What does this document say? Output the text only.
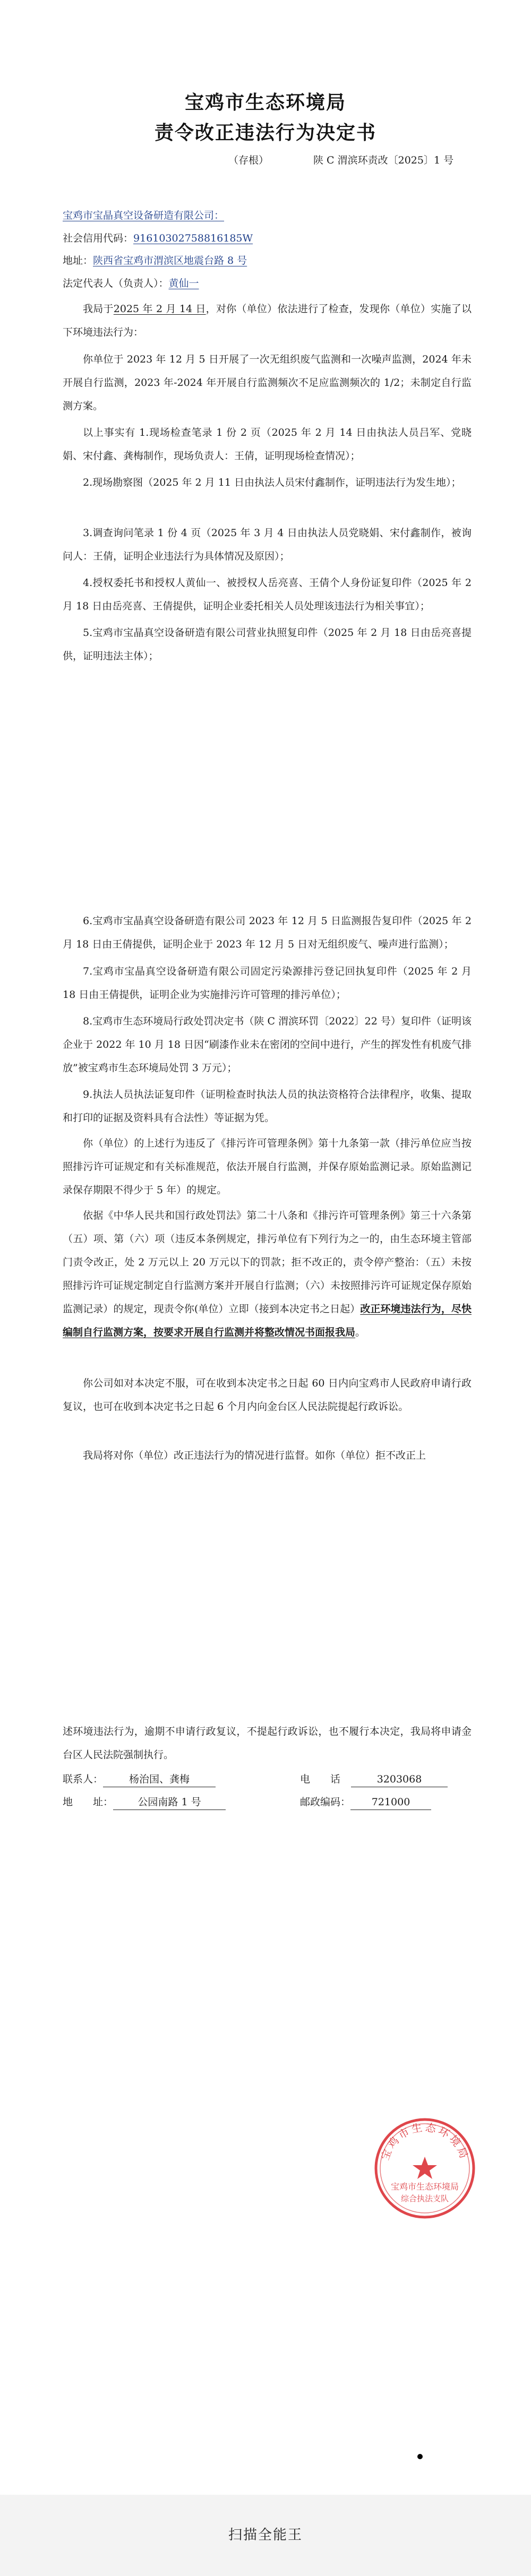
宝鸡市生态环境局
责令改正违法行为决定书
（存根）	陕 C 渭滨环责改〔2025〕1 号
宝鸡市宝晶真空设备研造有限公司：
社会信用代码：91610302758816185W
地址：陕西省宝鸡市渭滨区地震台路 8 号
法定代表人（负责人）：黄仙一
我局于2025 年 2 月 14 日，对你（单位）依法进行了检查，发现你（单位）实施了以下环境违法行为：
你单位于 2023 年 12 月 5 日开展了一次无组织废气监测和一次噪声监测，2024 年未开展自行监测，2023 年-2024 年开展自行监测频次不足应监测频次的 1/2；未制定自行监测方案。
以上事实有 1.现场检查笔录 1 份 2 页（2025 年 2 月 14 日由执法人员吕军、党晓娟、宋付鑫、龚梅制作，现场负责人：王倩，证明现场检查情况）；
2.现场勘察图（2025 年 2 月 11 日由执法人员宋付鑫制作，证明违法行为发生地）；
3.调查询问笔录 1 份 4 页（2025 年 3 月 4 日由执法人员党晓娟、宋付鑫制作，被询问人：王倩，证明企业违法行为具体情况及原因）；
4.授权委托书和授权人黄仙一、被授权人岳亮喜、王倩个人身份证复印件（2025 年 2 月 18 日由岳亮喜、王倩提供，证明企业委托相关人员处理该违法行为相关事宜）；
5.宝鸡市宝晶真空设备研造有限公司营业执照复印件（2025 年 2 月 18 日由岳亮喜提供，证明违法主体）；
6.宝鸡市宝晶真空设备研造有限公司 2023 年 12 月 5 日监测报告复印件（2025 年 2 月 18 日由王倩提供，证明企业于 2023 年 12 月 5 日对无组织废气、噪声进行监测）；
7.宝鸡市宝晶真空设备研造有限公司固定污染源排污登记回执复印件（2025 年 2 月 18 日由王倩提供，证明企业为实施排污许可管理的排污单位）；
8.宝鸡市生态环境局行政处罚决定书（陕 C 渭滨环罚〔2022〕22 号）复印件（证明该企业于 2022 年 10 月 18 日因“刷漆作业未在密闭的空间中进行，产生的挥发性有机废气排放”被宝鸡市生态环境局处罚 3 万元）；
9.执法人员执法证复印件（证明检查时执法人员的执法资格符合法律程序，收集、提取和打印的证据及资料具有合法性）等证据为凭。
你（单位）的上述行为违反了《排污许可管理条例》第十九条第一款（排污单位应当按照排污许可证规定和有关标准规范，依法开展自行监测，并保存原始监测记录。原始监测记录保存期限不得少于 5 年）的规定。
依据《中华人民共和国行政处罚法》第二十八条和《排污许可管理条例》第三十六条第（五）项、第（六）项（违反本条例规定，排污单位有下列行为之一的，由生态环境主管部门责令改正，处 2 万元以上 20 万元以下的罚款；拒不改正的，责令停产整治：（五）未按照排污许可证规定制定自行监测方案并开展自行监测；（六）未按照排污许可证规定保存原始监测记录）的规定，现责令你(单位）立即（接到本决定书之日起）改正环境违法行为，尽快编制自行监测方案，按要求开展自行监测并将整改情况书面报我局。
你公司如对本决定不服，可在收到本决定书之日起 60 日内向宝鸡市人民政府申请行政复议，也可在收到本决定书之日起 6 个月内向金台区人民法院提起行政诉讼。
我局将对你（单位）改正违法行为的情况进行监督。如你（单位）拒不改正上
述环境违法行为，逾期不申请行政复议，不提起行政诉讼，也不履行本决定，我局将申请金台区人民法院强制执行。
联系人：	杨治国、龚梅	电　　话	3203068
地　　址： 公园南路 1 号	邮政编码： 721000
宝鸡市生态环境局
宝鸡市生态环境局
综合执法支队
扫描全能王
